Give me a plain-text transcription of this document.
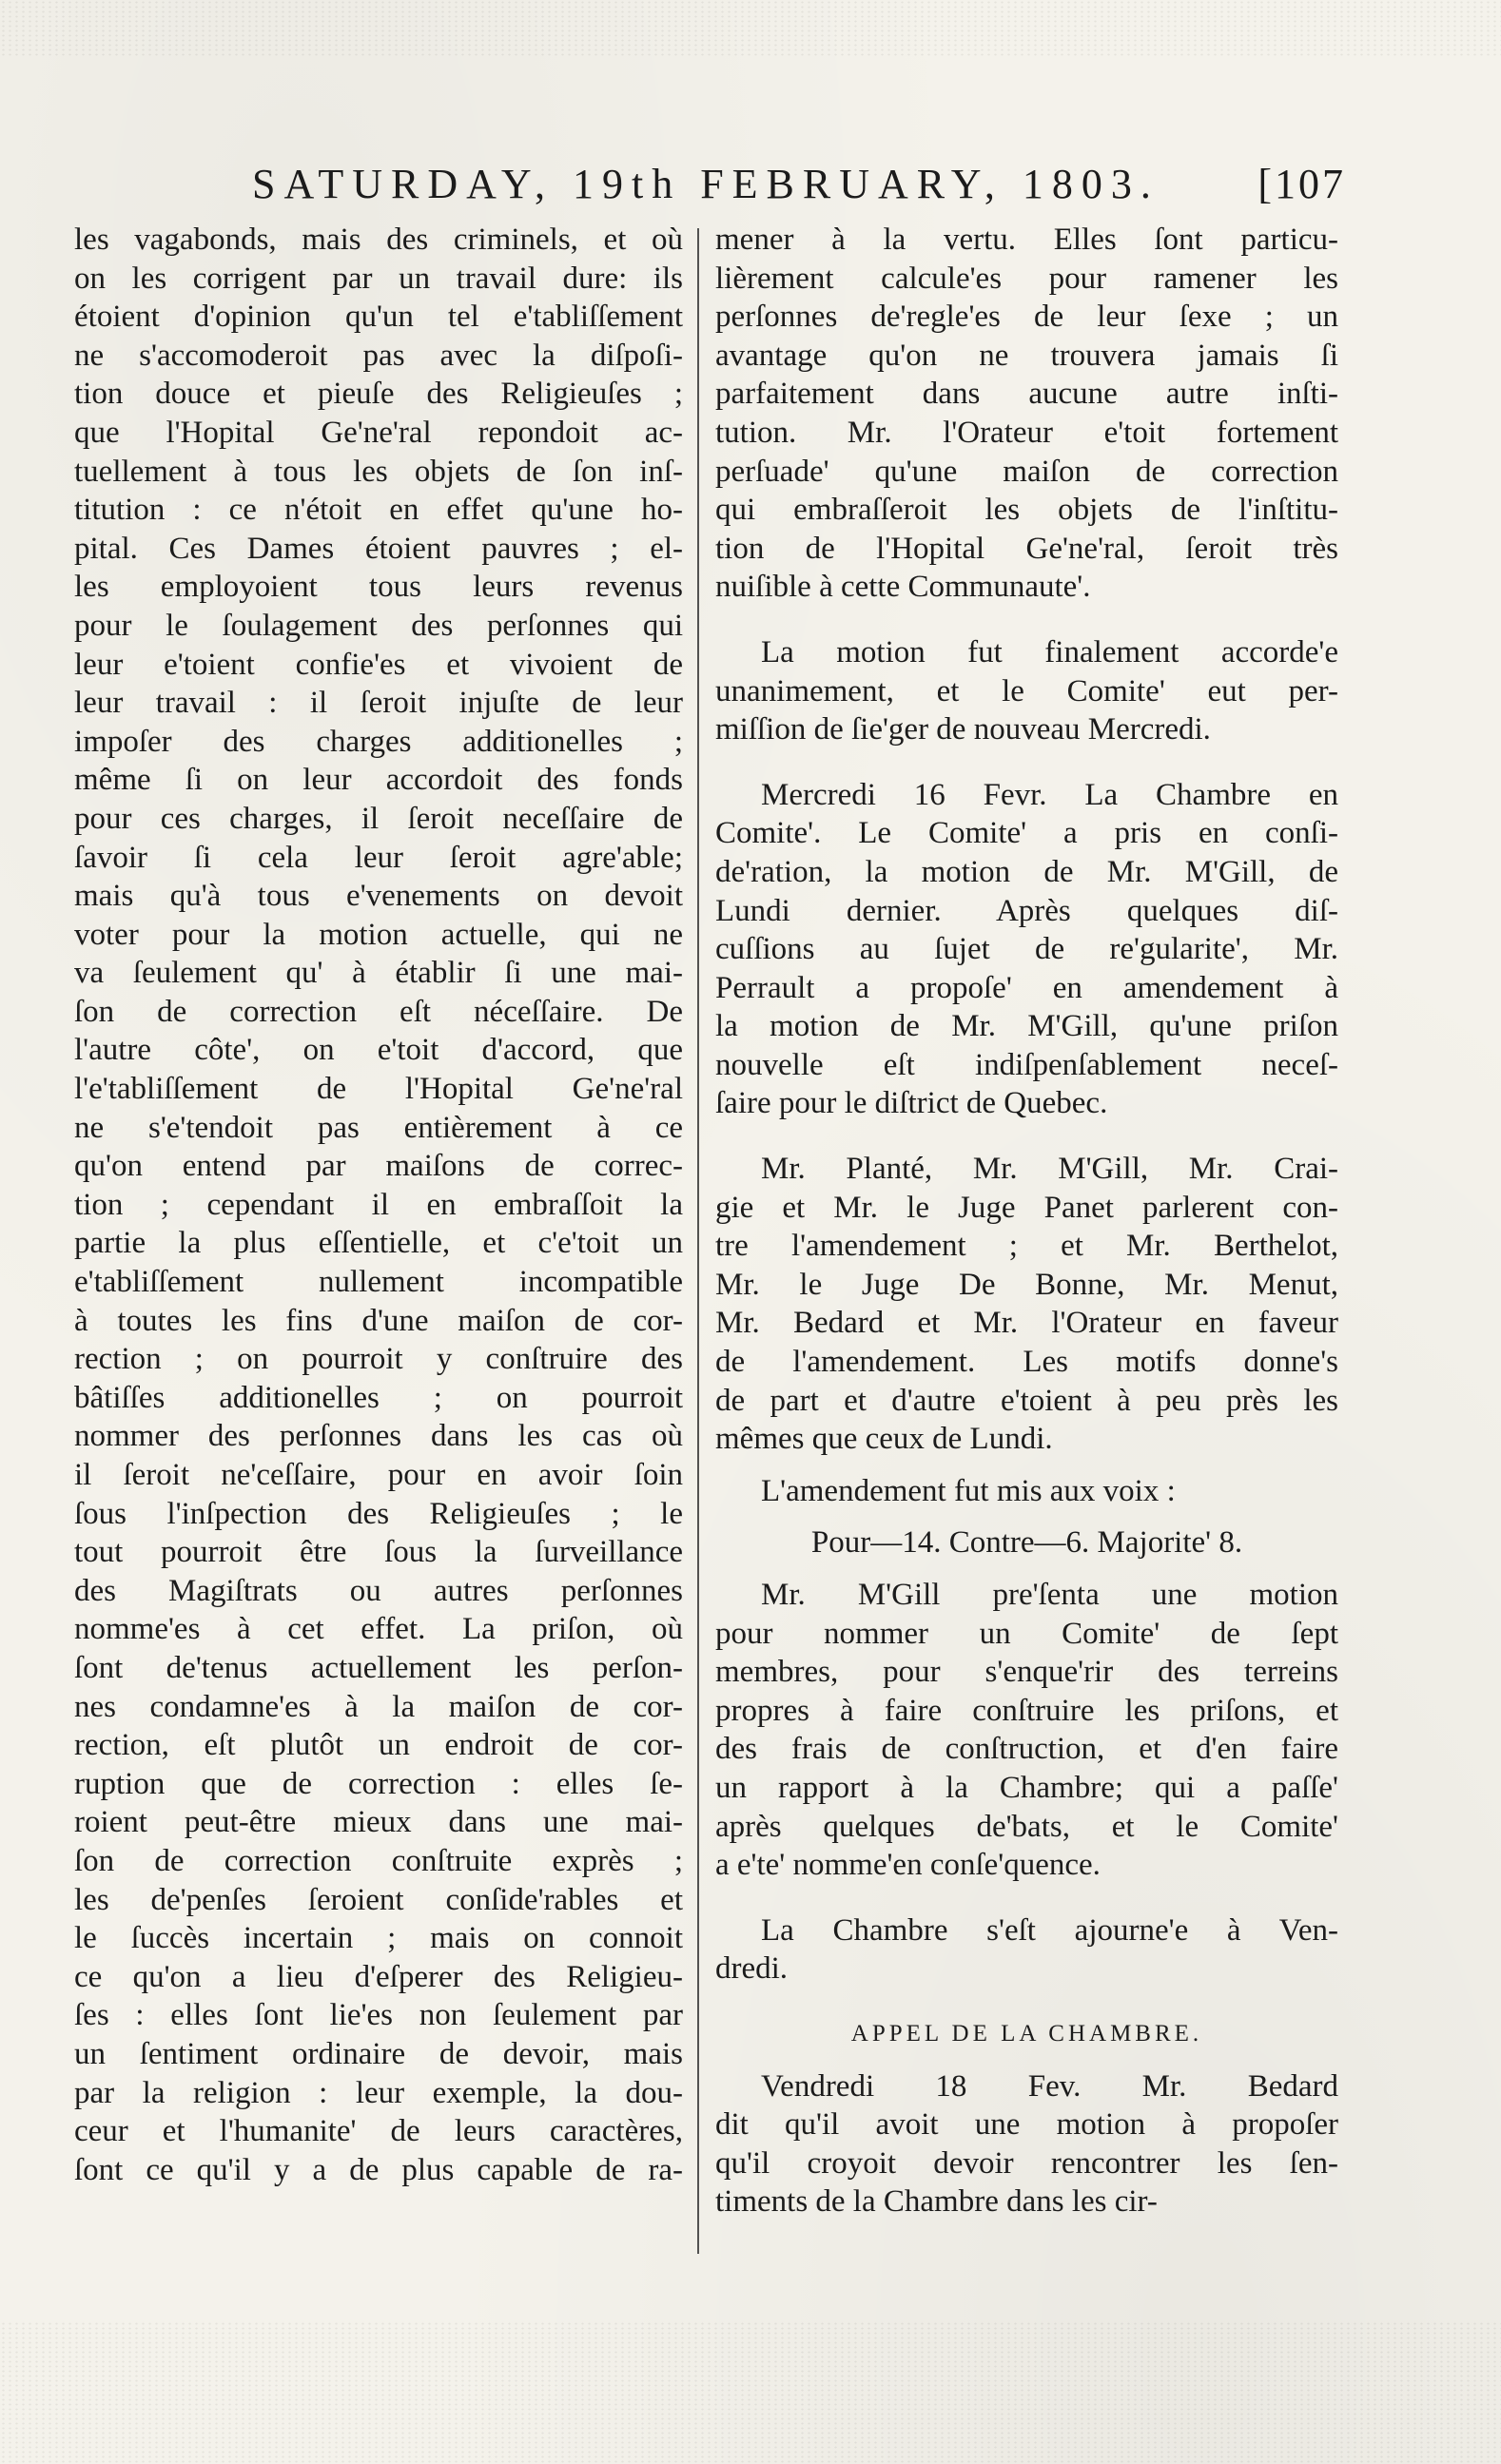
SATURDAY, 19th FEBRUARY, 1803. [107
les vagabonds, mais des criminels, et où
on les corrigent par un travail dure: ils
étoient d'opinion qu'un tel e'tabliſſement
ne s'accomoderoit pas avec la diſpoſi-
tion douce et pieuſe des Religieuſes ;
que l'Hopital Ge'ne'ral repondoit ac-
tuellement à tous les objets de ſon inſ-
titution : ce n'étoit en effet qu'une ho-
pital. Ces Dames étoient pauvres ; el-
les employoient tous leurs revenus
pour le ſoulagement des perſonnes qui
leur e'toient confie'es et vivoient de
leur travail : il ſeroit injuſte de leur
impoſer des charges additionelles ;
même ſi on leur accordoit des fonds
pour ces charges, il ſeroit neceſſaire de
ſavoir ſi cela leur ſeroit agre'able;
mais qu'à tous e'venements on devoit
voter pour la motion actuelle, qui ne
va ſeulement qu' à établir ſi une mai-
ſon de correction eſt néceſſaire. De
l'autre côte', on e'toit d'accord, que
l'e'tabliſſement de l'Hopital Ge'ne'ral
ne s'e'tendoit pas entièrement à ce
qu'on entend par maiſons de correc-
tion ; cependant il en embraſſoit la
partie la plus eſſentielle, et c'e'toit un
e'tabliſſement nullement incompatible
à toutes les fins d'une maiſon de cor-
rection ; on pourroit y conſtruire des
bâtiſſes additionelles ; on pourroit
nommer des perſonnes dans les cas où
il ſeroit ne'ceſſaire, pour en avoir ſoin
ſous l'inſpection des Religieuſes ; le
tout pourroit être ſous la ſurveillance
des Magiſtrats ou autres perſonnes
nomme'es à cet effet. La priſon, où
ſont de'tenus actuellement les perſon-
nes condamne'es à la maiſon de cor-
rection, eſt plutôt un endroit de cor-
ruption que de correction : elles ſe-
roient peut-être mieux dans une mai-
ſon de correction conſtruite exprès ;
les de'penſes ſeroient conſide'rables et
le ſuccès incertain ; mais on connoit
ce qu'on a lieu d'eſperer des Religieu-
ſes : elles ſont lie'es non ſeulement par
un ſentiment ordinaire de devoir, mais
par la religion : leur exemple, la dou-
ceur et l'humanite' de leurs caractères,
ſont ce qu'il y a de plus capable de ra-
mener à la vertu. Elles ſont particu-
lièrement calcule'es pour ramener les
perſonnes de'regle'es de leur ſexe ; un
avantage qu'on ne trouvera jamais ſi
parfaitement dans aucune autre inſti-
tution. Mr. l'Orateur e'toit fortement
perſuade' qu'une maiſon de correction
qui embraſſeroit les objets de l'inſtitu-
tion de l'Hopital Ge'ne'ral, ſeroit très
nuiſible à cette Communaute'.
La motion fut finalement accorde'e
unanimement, et le Comite' eut per-
miſſion de ſie'ger de nouveau Mercredi.
Mercredi 16 Fevr. La Chambre en
Comite'. Le Comite' a pris en conſi-
de'ration, la motion de Mr. M'Gill, de
Lundi dernier. Après quelques diſ-
cuſſions au ſujet de re'gularite', Mr.
Perrault a propoſe' en amendement à
la motion de Mr. M'Gill, qu'une priſon
nouvelle eſt indiſpenſablement neceſ-
ſaire pour le diſtrict de Quebec.
Mr. Planté, Mr. M'Gill, Mr. Crai-
gie et Mr. le Juge Panet parlerent con-
tre l'amendement ; et Mr. Berthelot,
Mr. le Juge De Bonne, Mr. Menut,
Mr. Bedard et Mr. l'Orateur en faveur
de l'amendement. Les motifs donne's
de part et d'autre e'toient à peu près les
mêmes que ceux de Lundi.
L'amendement fut mis aux voix :
Pour—14. Contre—6. Majorite' 8.
Mr. M'Gill pre'ſenta une motion
pour nommer un Comite' de ſept
membres, pour s'enque'rir des terreins
propres à faire conſtruire les priſons, et
des frais de conſtruction, et d'en faire
un rapport à la Chambre; qui a paſſe'
après quelques de'bats, et le Comite'
a e'te' nomme'en conſe'quence.
La Chambre s'eſt ajourne'e à Ven-
dredi.
APPEL DE LA CHAMBRE.
Vendredi 18 Fev. Mr. Bedard
dit qu'il avoit une motion à propoſer
qu'il croyoit devoir rencontrer les ſen-
timents de la Chambre dans les cir-
